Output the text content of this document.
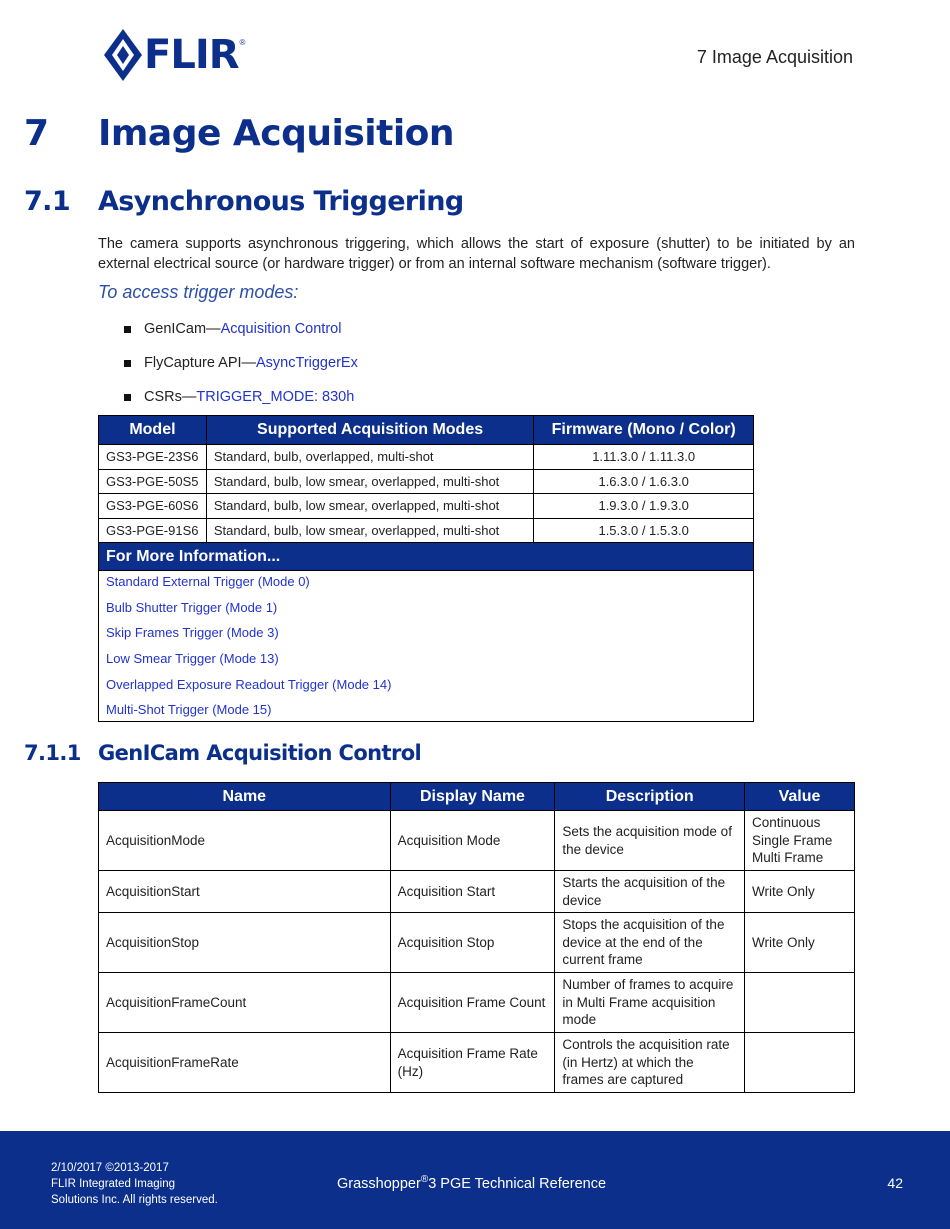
FLIR ®
7 Image Acquisition
7 Image Acquisition
7.1 Asynchronous Triggering

The camera supports asynchronous triggering, which allows the start of exposure (shutter) to be initiated by an external electrical source (or hardware trigger) or from an internal software mechanism (software trigger).

To access trigger modes:
GenICam— Acquisition Control
FlyCapture API— AsyncTriggerEx
CSRs— TRIGGER_MODE: 830h
Model	Supported Acquisition Modes	Firmware (Mono / Color)
GS3-PGE-23S6	Standard, bulb, overlapped, multi-shot	1.11.3.0 / 1.11.3.0
GS3-PGE-50S5	Standard, bulb, low smear, overlapped, multi-shot	1.6.3.0 / 1.6.3.0
GS3-PGE-60S6	Standard, bulb, low smear, overlapped, multi-shot	1.9.3.0 / 1.9.3.0
GS3-PGE-91S6	Standard, bulb, low smear, overlapped, multi-shot	1.5.3.0 / 1.5.3.0
For More Information...		
Standard External Trigger (Mode 0)
Bulb Shutter Trigger (Mode 1)
Skip Frames Trigger (Mode 3)
Low Smear Trigger (Mode 13)
Overlapped Exposure Readout Trigger (Mode 14)
Multi-Shot Trigger (Mode 15)
7.1.1 GenICam Acquisition Control
Name	Display Name	Description	Value
AcquisitionMode	Acquisition Mode	Sets the acquisition mode of the device	Continuous
Single Frame
Multi Frame

AcquisitionStart	Acquisition Start	Starts the acquisition of the device	Write Only
AcquisitionStop	Acquisition Stop	Stops the acquisition of the device at the end of the current frame	Write Only
AcquisitionFrameCount	Acquisition Frame Count	Number of frames to acquire in Multi Frame acquisition mode	
AcquisitionFrameRate	Acquisition Frame Rate (Hz)	Controls the acquisition rate (in Hertz) at which the frames are captured	
2/10/2017 ©2013-2017
FLIR Integrated Imaging
Solutions Inc. All rights reserved.
Grasshopper®3 PGE Technical Reference	42
